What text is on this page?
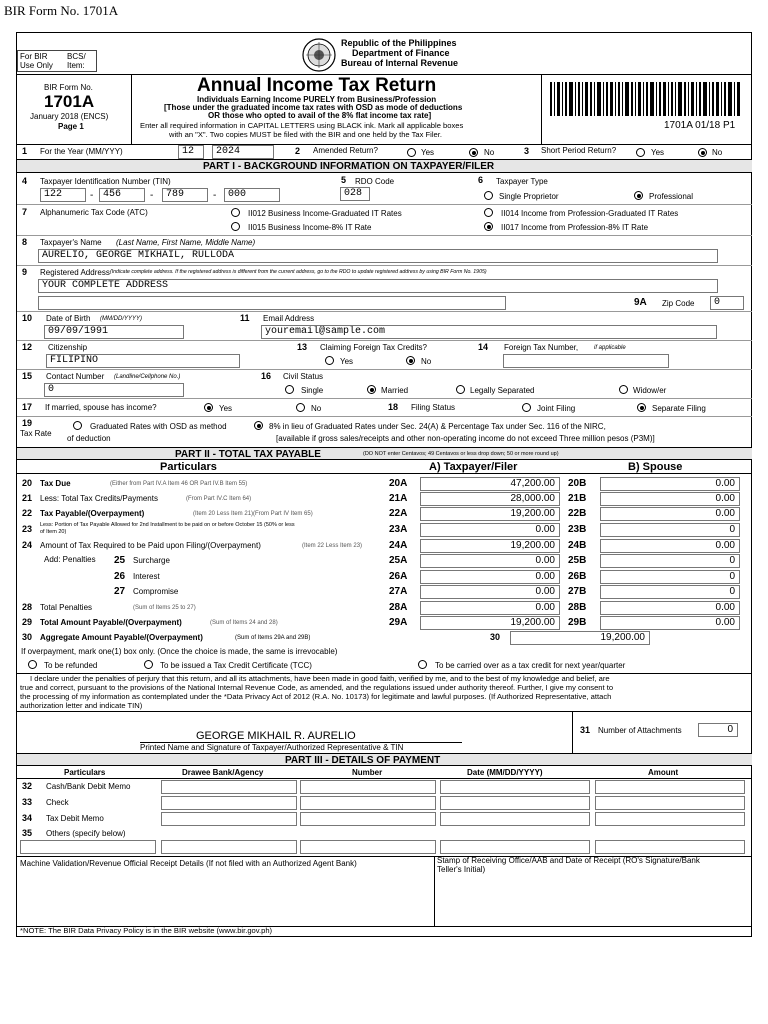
BIR Form No. 1701A
For BIR
Use Only
BCS/
Item:
Republic of the Philippines
Department of Finance
Bureau of Internal Revenue
BIR Form No.
1701A
January 2018 (ENCS)
Page 1
Annual Income Tax Return
Individuals Earning Income PURELY from Business/Profession
[Those under the graduated income tax rates with OSD as mode of deductions
OR those who opted to avail of the 8% flat income tax rate]
Enter all required information in CAPITAL LETTERS using BLACK ink. Mark all applicable boxes
with an "X". Two copies MUST be filed with the BIR and one held by the Tax Filer.
1701A 01/18 P1
1 For the Year (MM/YYY)	12	2024	2 Amended Return?	Yes	No	3 Short Period Return?	Yes	No
PART I - BACKGROUND INFORMATION ON TAXPAYER/FILER
4 Taxpayer Identification Number (TIN)
122	- 456	-	789	-	000
5 RDO Code
028
6 Taxpayer Type
Single Proprietor	Professional
7 Alphanumeric Tax Code (ATC)	II012 Business Income-Graduated IT Rates	II014 Income from Profession-Graduated IT Rates
II015 Business Income-8% IT Rate	II017 Income from Profession-8% IT Rate
8 Taxpayer's Name (Last Name, First Name, Middle Name)
AURELIO, GEORGE MIKHAIL, RULLODA
9 Registered Address (Indicate complete address. If the registered address is different from the current address, go to the RDO to update registered address by using BIR Form No. 1905)
YOUR COMPLETE ADDRESS
9A Zip Code	0
10 Date of Birth (MM/DD/YYYY)
09/09/1991
11 Email Address
youremail@sample.com
12 Citizenship
FILIPINO
13 Claiming Foreign Tax Credits?
Yes	No
14 Foreign Tax Number,	if applicable
15 Contact Number (Landline/Cellphone No.)
0
16 Civil Status
Single	Married	Legally Separated	Widow/er
17 If married, spouse has income?	Yes	No	18 Filing Status	Joint Filing	Separate Filing
19
Tax Rate
Graduated Rates with OSD as method
of deduction
8% in lieu of Graduated Rates under Sec. 24(A) & Percentage Tax under Sec. 116 of the NIRC,
[available if gross sales/receipts and other non-operating income do not exceed Three million pesos (P3M)]
PART II - TOTAL TAX PAYABLE	(DO NOT enter Centavos; 49 Centavos or less drop down; 50 or more round up)
Particulars	A) Taxpayer/Filer	B) Spouse
20 Tax Due	(Either from Part IV.A Item 46 OR Part IV.B Item 55)	20A	47,200.00	20B	0.00
21 Less: Total Tax Credits/Payments	(From Part IV.C Item 64)	21A	28,000.00	21B	0.00
22 Tax Payable/(Overpayment)	(Item 20 Less Item 21)(From Part IV Item 65)	22A	19,200.00	22B	0.00
23 Less: Portion of Tax Payable Allowed for 2nd Installment to be paid on or before October 15 (50% or less
of Item 20)	23A	0.00	23B	0
24 Amount of Tax Required to be Paid upon Filing/(Overpayment)	(Item 22 Less Item 23)	24A	19,200.00	24B	0.00
25 Surcharge	25A	0.00	25B	0
26 Interest	26A	0.00	26B	0
27 Compromise	27A	0.00	27B	0
28 Total Penalties	(Sum of Items 25 to 27)	28A	0.00	28B	0.00
29 Total Amount Payable/(Overpayment)	(Sum of Items 24 and 28)	29A	19,200.00	29B	0.00
Add: Penalties
30 Aggregate Amount Payable/(Overpayment)	(Sum of Items 29A and 29B)	30	19,200.00
If overpayment, mark one(1) box only. (Once the choice is made, the same is irrevocable)
To be refunded	To be issued a Tax Credit Certificate (TCC)	To be carried over as a tax credit for next year/quarter
I declare under the penalties of perjury that this return, and all its attachments, have been made in good faith, verified by me, and to the best of my knowledge and belief, are
true and correct, pursuant to the provisions of the National Internal Revenue Code, as amended, and the regulations issued under authority thereof. Further, I give my consent to
the processing of my information as contemplated under the *Data Privacy Act of 2012 (R.A. No. 10173) for legitimate and lawful purposes. (If Authorized Representative, attach
authorization letter and indicate TIN)
GEORGE MIKHAIL R. AURELIO
Printed Name and Signature of Taxpayer/Authorized Representative & TIN
31 Number of Attachments	0
PART III - DETAILS OF PAYMENT
Particulars	Drawee Bank/Agency	Number	Date (MM/DD/YYYY)	Amount
32 Cash/Bank Debit Memo
33 Check
34 Tax Debit Memo
35 Others (specify below)
Machine Validation/Revenue Official Receipt Details (If not filed with an Authorized Agent Bank)	Stamp of Receiving Office/AAB and Date of Receipt (RO's Signature/Bank
Teller's Initial)
*NOTE: The BIR Data Privacy Policy is in the BIR website (www.bir.gov.ph)
